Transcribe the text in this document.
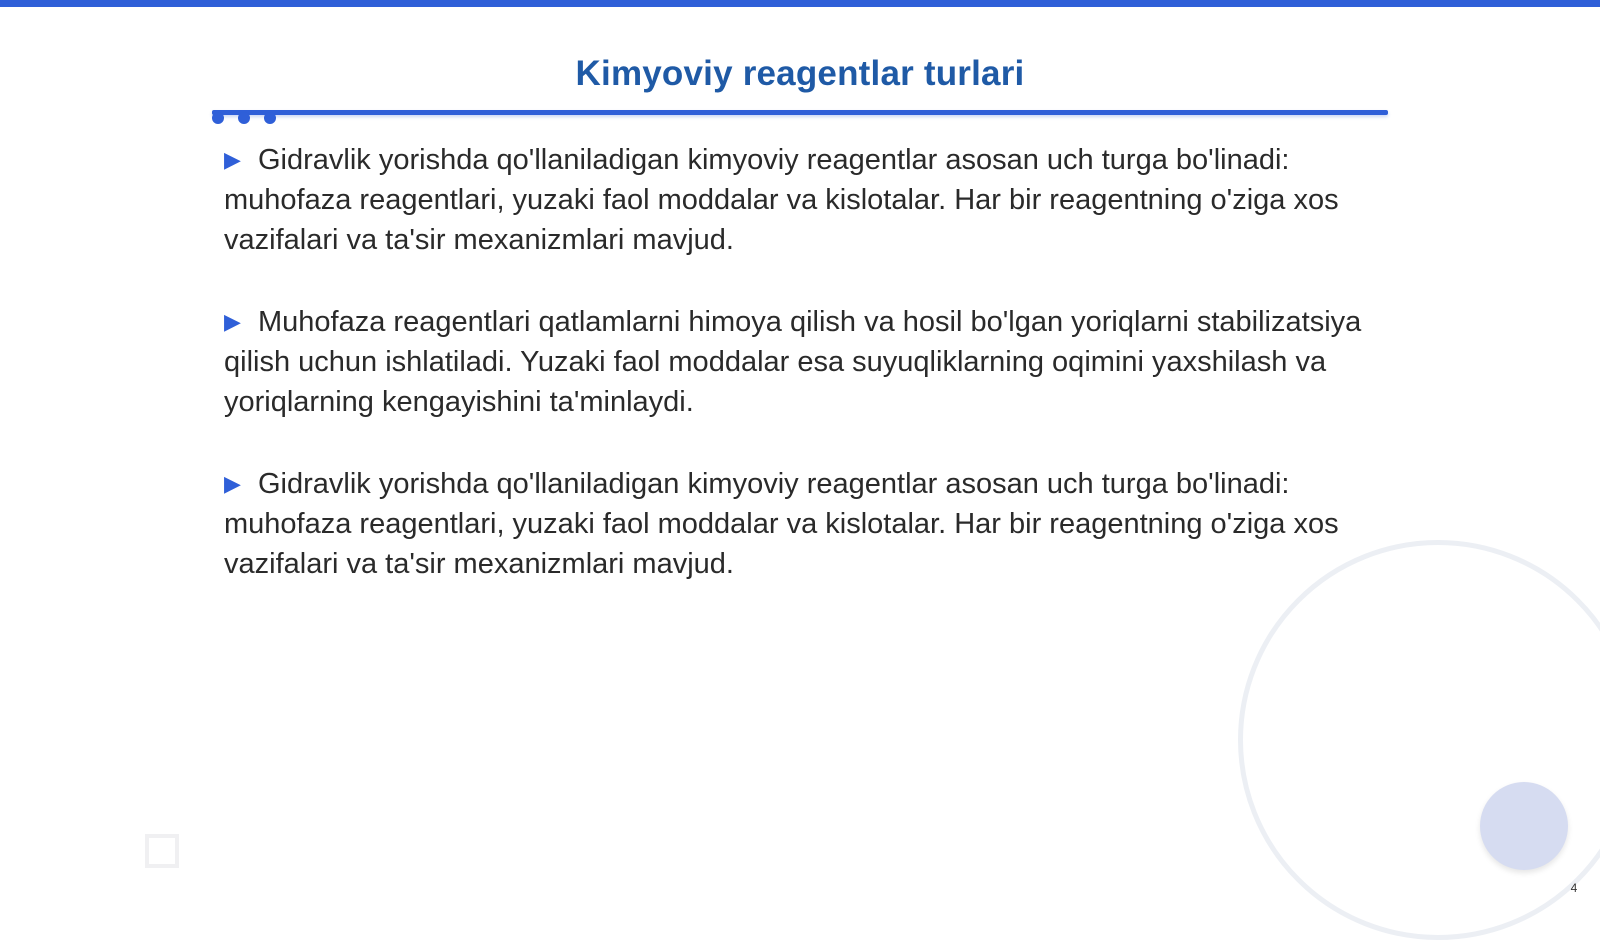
Kimyoviy reagentlar turlari

▶ Gidravlik yorishda qo'llaniladigan kimyoviy reagentlar asosan uch turga bo'linadi: muhofaza reagentlari, yuzaki faol moddalar va kislotalar. Har bir reagentning o'ziga xos vazifalari va ta'sir mexanizmlari mavjud.

▶ Muhofaza reagentlari qatlamlarni himoya qilish va hosil bo'lgan yoriqlarni stabilizatsiya qilish uchun ishlatiladi. Yuzaki faol moddalar esa suyuqliklarning oqimini yaxshilash va yoriqlarning kengayishini ta'minlaydi.

▶ Gidravlik yorishda qo'llaniladigan kimyoviy reagentlar asosan uch turga bo'linadi: muhofaza reagentlari, yuzaki faol moddalar va kislotalar. Har bir reagentning o'ziga xos vazifalari va ta'sir mexanizmlari mavjud.

4
